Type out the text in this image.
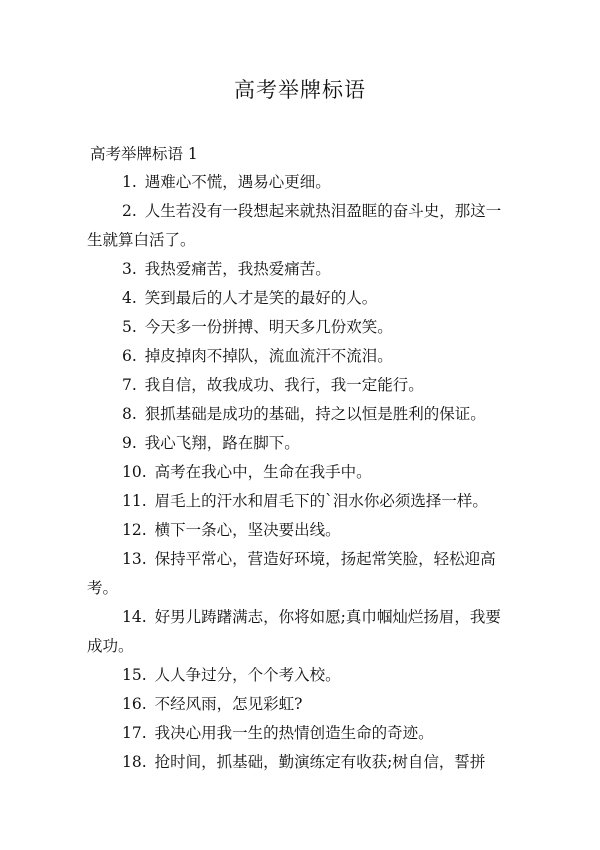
高考举牌标语
高考举牌标语 1
1. 遇难心不慌，遇易心更细。
2. 人生若没有一段想起来就热泪盈眶的奋斗史，那这一生就算白活了。
3. 我热爱痛苦，我热爱痛苦。
4. 笑到最后的人才是笑的最好的人。
5. 今天多一份拼搏、明天多几份欢笑。
6. 掉皮掉肉不掉队，流血流汗不流泪。
7. 我自信，故我成功、我行，我一定能行。
8. 狠抓基础是成功的基础，持之以恒是胜利的保证。
9. 我心飞翔，路在脚下。
10. 高考在我心中，生命在我手中。
11. 眉毛上的汗水和眉毛下的`泪水你必须选择一样。
12. 横下一条心，坚决要出线。
13. 保持平常心，营造好环境，扬起常笑脸，轻松迎高考。
14. 好男儿踌躇满志，你将如愿;真巾帼灿烂扬眉，我要成功。
15. 人人争过分，个个考入校。
16. 不经风雨，怎见彩虹?
17. 我决心用我一生的热情创造生命的奇迹。
18. 抢时间，抓基础，勤演练定有收获;树自信，誓拼
